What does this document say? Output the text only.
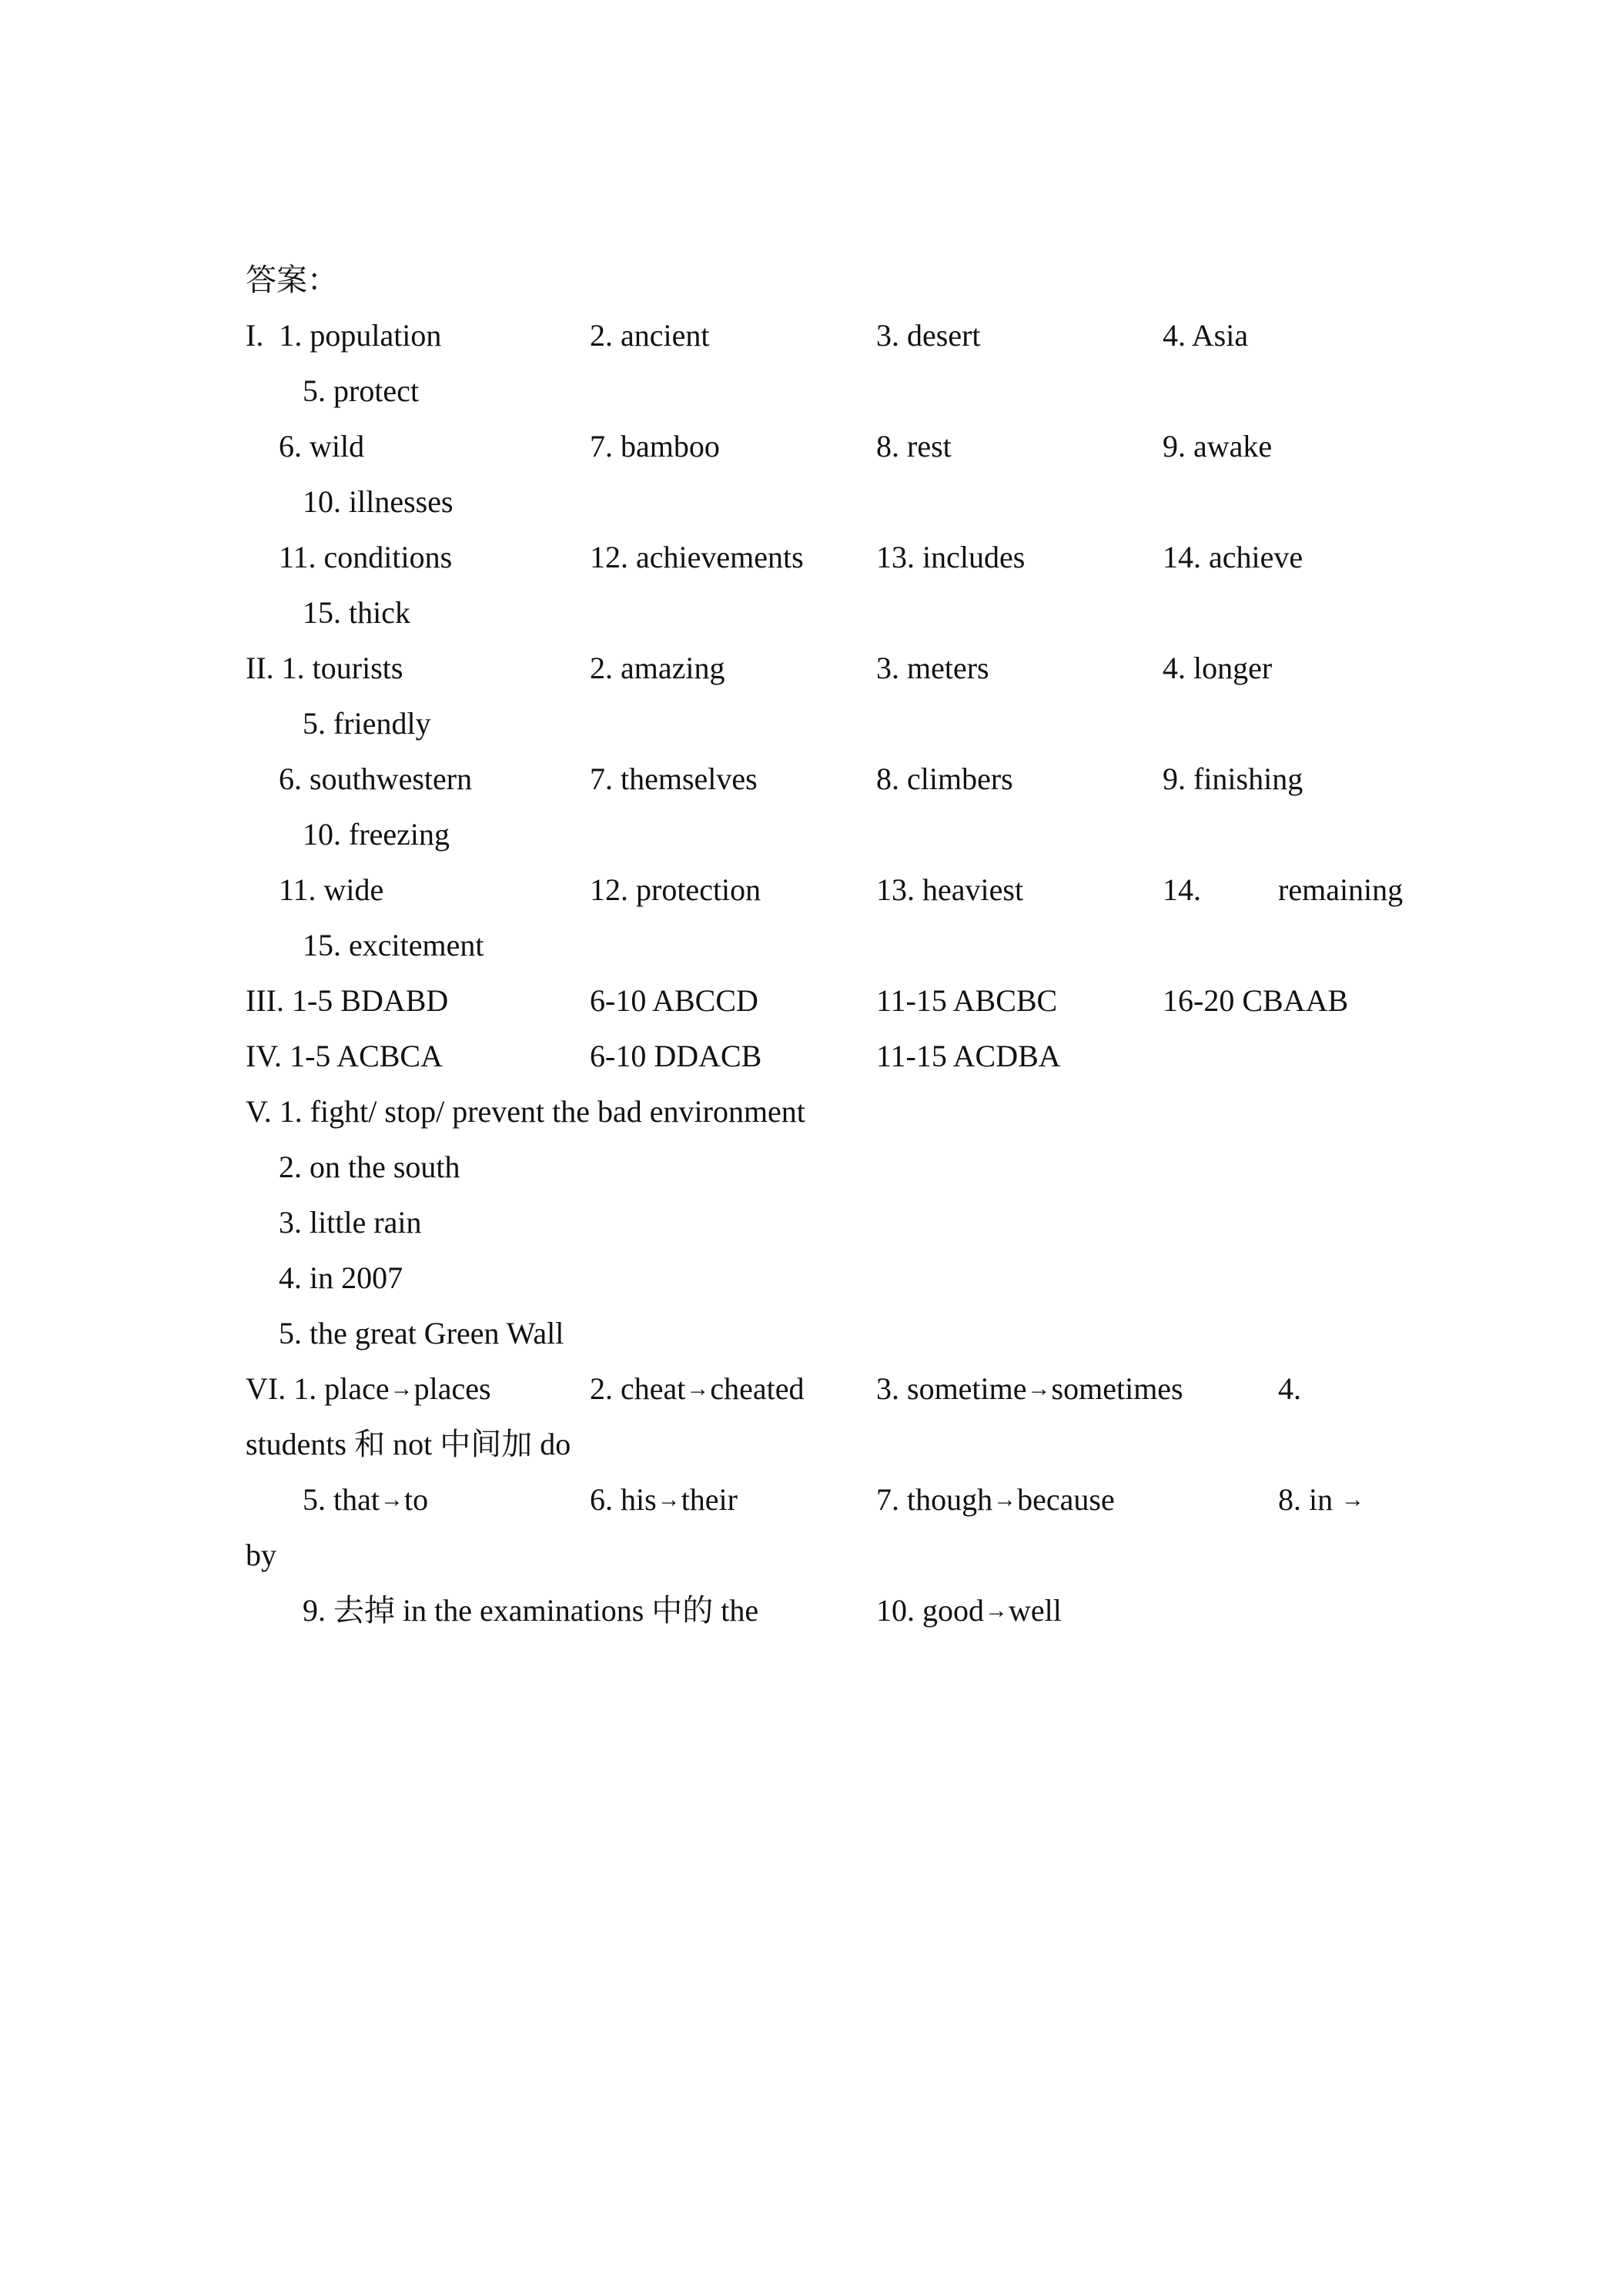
答案：
I. 1. population	2. ancient	3. desert	4. Asia
5. protect
6. wild	7. bamboo	8. rest	9. awake
10. illnesses
11. conditions	12. achievements 13. includes	14. achieve
15. thick
II. 1. tourists	2. amazing	3. meters	4. longer
5. friendly
6. southwestern	7. themselves	8. climbers	9. finishing
10. freezing
11. wide	12. protection	13. heaviest	14.	remaining
15. excitement
III. 1-5 BDABD	6-10 ABCCD	11-15 ABCBC	16-20 CBAAB
IV. 1-5 ACBCA	6-10 DDACB	11-15 ACDBA
V. 1. fight/ stop/ prevent the bad environment
2. on the south
3. little rain
4. in 2007
5. the great Green Wall
VI. 1. place→places	2. cheat→cheated 3. sometime→sometimes	4.
students 和 not 中间加 do
5. that→to	6. his→their	7. though→because	8. in →
by
9. 去掉 in the examinations 中的 the	10. good→well
